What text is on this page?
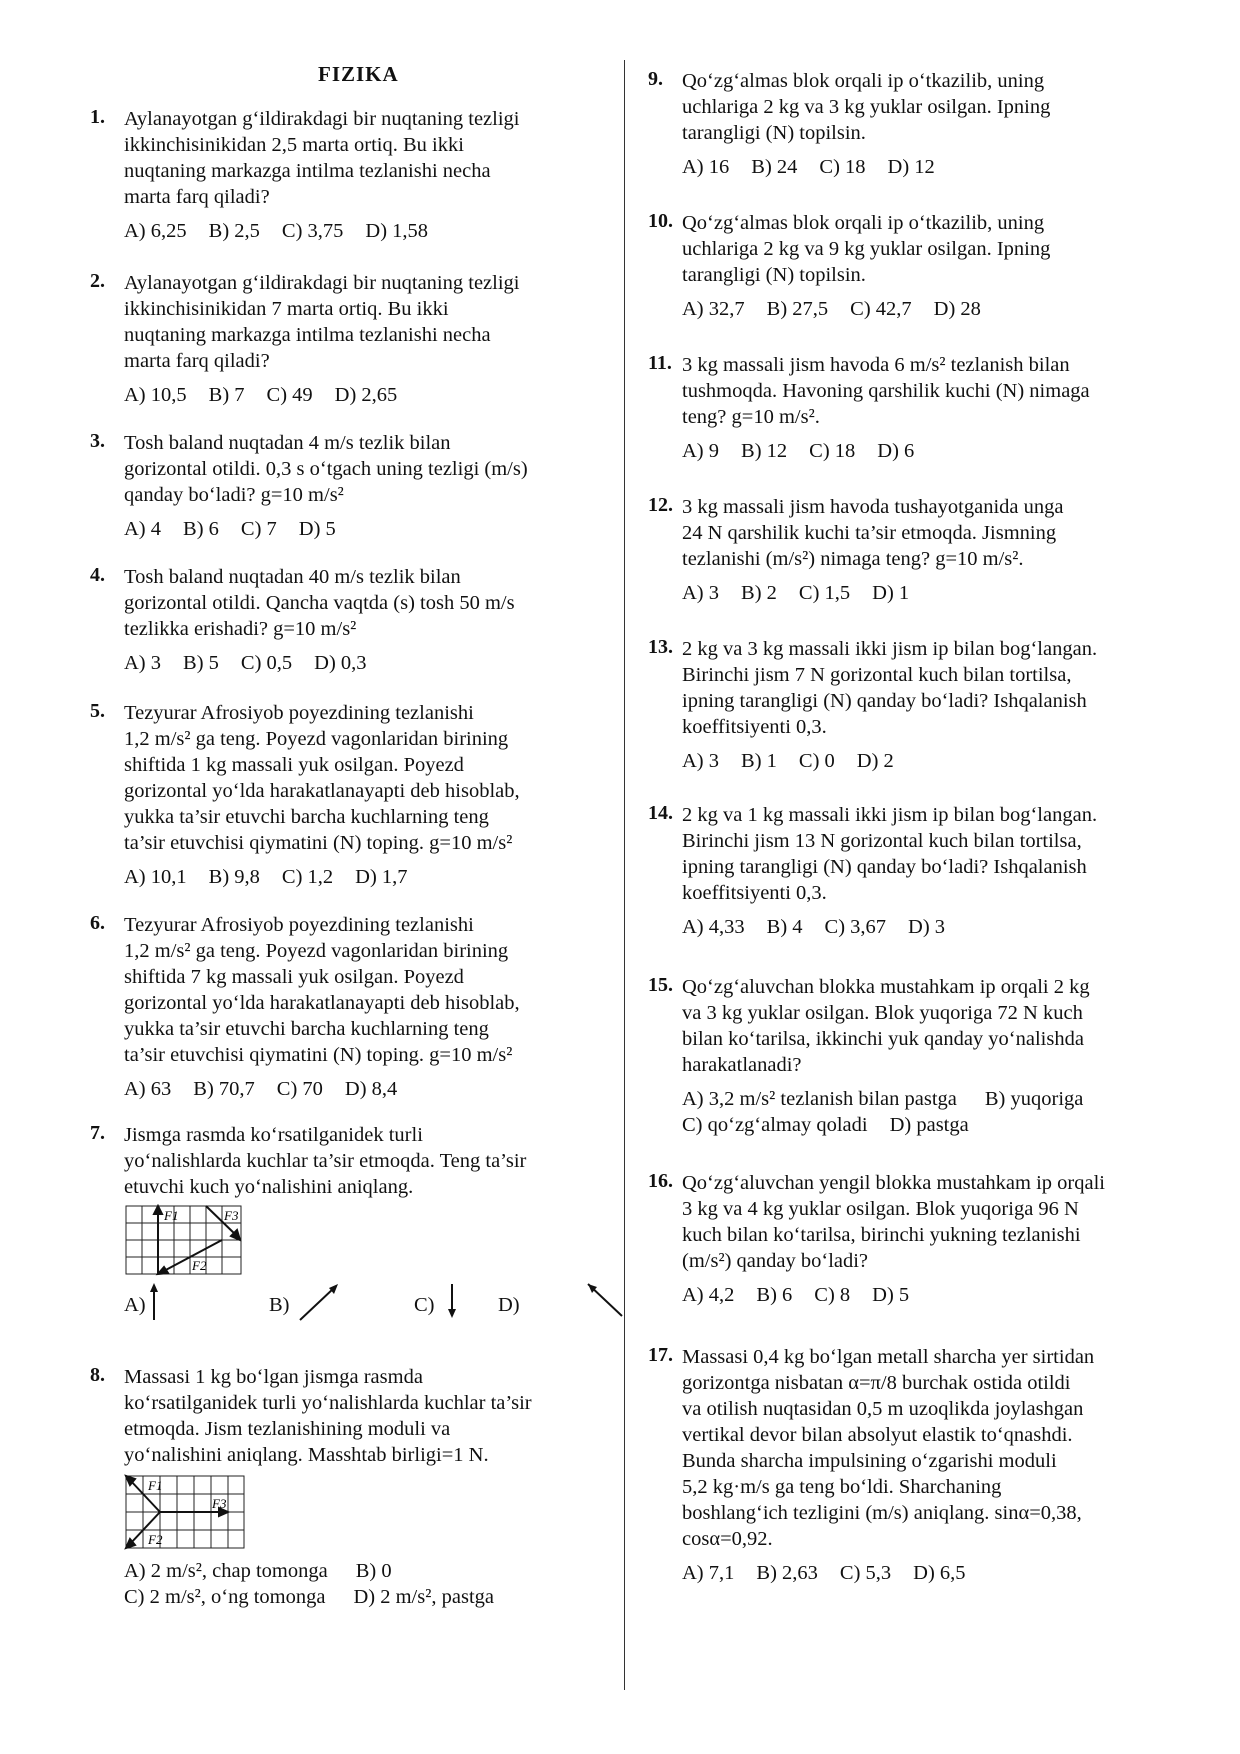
FIZIKA
1. Aylanayotgan g‘ildirakdagi bir nuqtaning tezligi
ikkinchisinikidan 2,5 marta ortiq. Bu ikki
nuqtaning markazga intilma tezlanishi necha
marta farq qiladi?
A) 6,25 B) 2,5 C) 3,75 D) 1,58
2. Aylanayotgan g‘ildirakdagi bir nuqtaning tezligi
ikkinchisinikidan 7 marta ortiq. Bu ikki
nuqtaning markazga intilma tezlanishi necha
marta farq qiladi?
A) 10,5 B) 7 C) 49 D) 2,65
3. Tosh baland nuqtadan 4 m/s tezlik bilan
gorizontal otildi. 0,3 s o‘tgach uning tezligi (m/s)
qanday bo‘ladi? g=10 m/s²
A) 4 B) 6 C) 7 D) 5
4. Tosh baland nuqtadan 40 m/s tezlik bilan
gorizontal otildi. Qancha vaqtda (s) tosh 50 m/s
tezlikka erishadi? g=10 m/s²
A) 3 B) 5 C) 0,5 D) 0,3
5. Tezyurar Afrosiyob poyezdining tezlanishi
1,2 m/s² ga teng. Poyezd vagonlaridan birining
shiftida 1 kg massali yuk osilgan. Poyezd
gorizontal yo‘lda harakatlanayapti deb hisoblab,
yukka ta’sir etuvchi barcha kuchlarning teng
ta’sir etuvchisi qiymatini (N) toping. g=10 m/s²
A) 10,1 B) 9,8 C) 1,2 D) 1,7
6. Tezyurar Afrosiyob poyezdining tezlanishi
1,2 m/s² ga teng. Poyezd vagonlaridan birining
shiftida 7 kg massali yuk osilgan. Poyezd
gorizontal yo‘lda harakatlanayapti deb hisoblab,
yukka ta’sir etuvchi barcha kuchlarning teng
ta’sir etuvchisi qiymatini (N) toping. g=10 m/s²
A) 63 B) 70,7 C) 70 D) 8,4
7. Jismga rasmda ko‘rsatilganidek turli
yo‘nalishlarda kuchlar ta’sir etmoqda. Teng ta’sir
etuvchi kuch yo‘nalishini aniqlang.
F1	F3
F2
A)	B)	C)	D)
8. Massasi 1 kg bo‘lgan jismga rasmda
ko‘rsatilganidek turli yo‘nalishlarda kuchlar ta’sir
etmoqda. Jism tezlanishining moduli va
yo‘nalishini aniqlang. Masshtab birligi=1 N.
F1
F3
F2
A) 2 m/s², chap tomonga B) 0
C) 2 m/s², o‘ng tomonga D) 2 m/s², pastga
9. Qo‘zg‘almas blok orqali ip o‘tkazilib, uning
uchlariga 2 kg va 3 kg yuklar osilgan. Ipning
tarangligi (N) topilsin.
A) 16 B) 24 C) 18 D) 12
10. Qo‘zg‘almas blok orqali ip o‘tkazilib, uning
uchlariga 2 kg va 9 kg yuklar osilgan. Ipning
tarangligi (N) topilsin.
A) 32,7 B) 27,5 C) 42,7 D) 28
11. 3 kg massali jism havoda 6 m/s² tezlanish bilan
tushmoqda. Havoning qarshilik kuchi (N) nimaga
teng? g=10 m/s².
A) 9 B) 12 C) 18 D) 6
12. 3 kg massali jism havoda tushayotganida unga
24 N qarshilik kuchi ta’sir etmoqda. Jismning
tezlanishi (m/s²) nimaga teng? g=10 m/s².
A) 3 B) 2 C) 1,5 D) 1
13. 2 kg va 3 kg massali ikki jism ip bilan bog‘langan.
Birinchi jism 7 N gorizontal kuch bilan tortilsa,
ipning tarangligi (N) qanday bo‘ladi? Ishqalanish
koeffitsiyenti 0,3.
A) 3 B) 1 C) 0 D) 2
14. 2 kg va 1 kg massali ikki jism ip bilan bog‘langan.
Birinchi jism 13 N gorizontal kuch bilan tortilsa,
ipning tarangligi (N) qanday bo‘ladi? Ishqalanish
koeffitsiyenti 0,3.
A) 4,33 B) 4 C) 3,67 D) 3
15. Qo‘zg‘aluvchan blokka mustahkam ip orqali 2 kg
va 3 kg yuklar osilgan. Blok yuqoriga 72 N kuch
bilan ko‘tarilsa, ikkinchi yuk qanday yo‘nalishda
harakatlanadi?
A) 3,2 m/s² tezlanish bilan pastga B) yuqoriga
C) qo‘zg‘almay qoladi D) pastga
16. Qo‘zg‘aluvchan yengil blokka mustahkam ip orqali
3 kg va 4 kg yuklar osilgan. Blok yuqoriga 96 N
kuch bilan ko‘tarilsa, birinchi yukning tezlanishi
(m/s²) qanday bo‘ladi?
A) 4,2 B) 6 C) 8 D) 5
17. Massasi 0,4 kg bo‘lgan metall sharcha yer sirtidan
gorizontga nisbatan α=π/8 burchak ostida otildi
va otilish nuqtasidan 0,5 m uzoqlikda joylashgan
vertikal devor bilan absolyut elastik to‘qnashdi.
Bunda sharcha impulsining o‘zgarishi moduli
5,2 kg·m/s ga teng bo‘ldi. Sharchaning
boshlang‘ich tezligini (m/s) aniqlang. sinα=0,38,
cosα=0,92.
A) 7,1 B) 2,63 C) 5,3 D) 6,5
